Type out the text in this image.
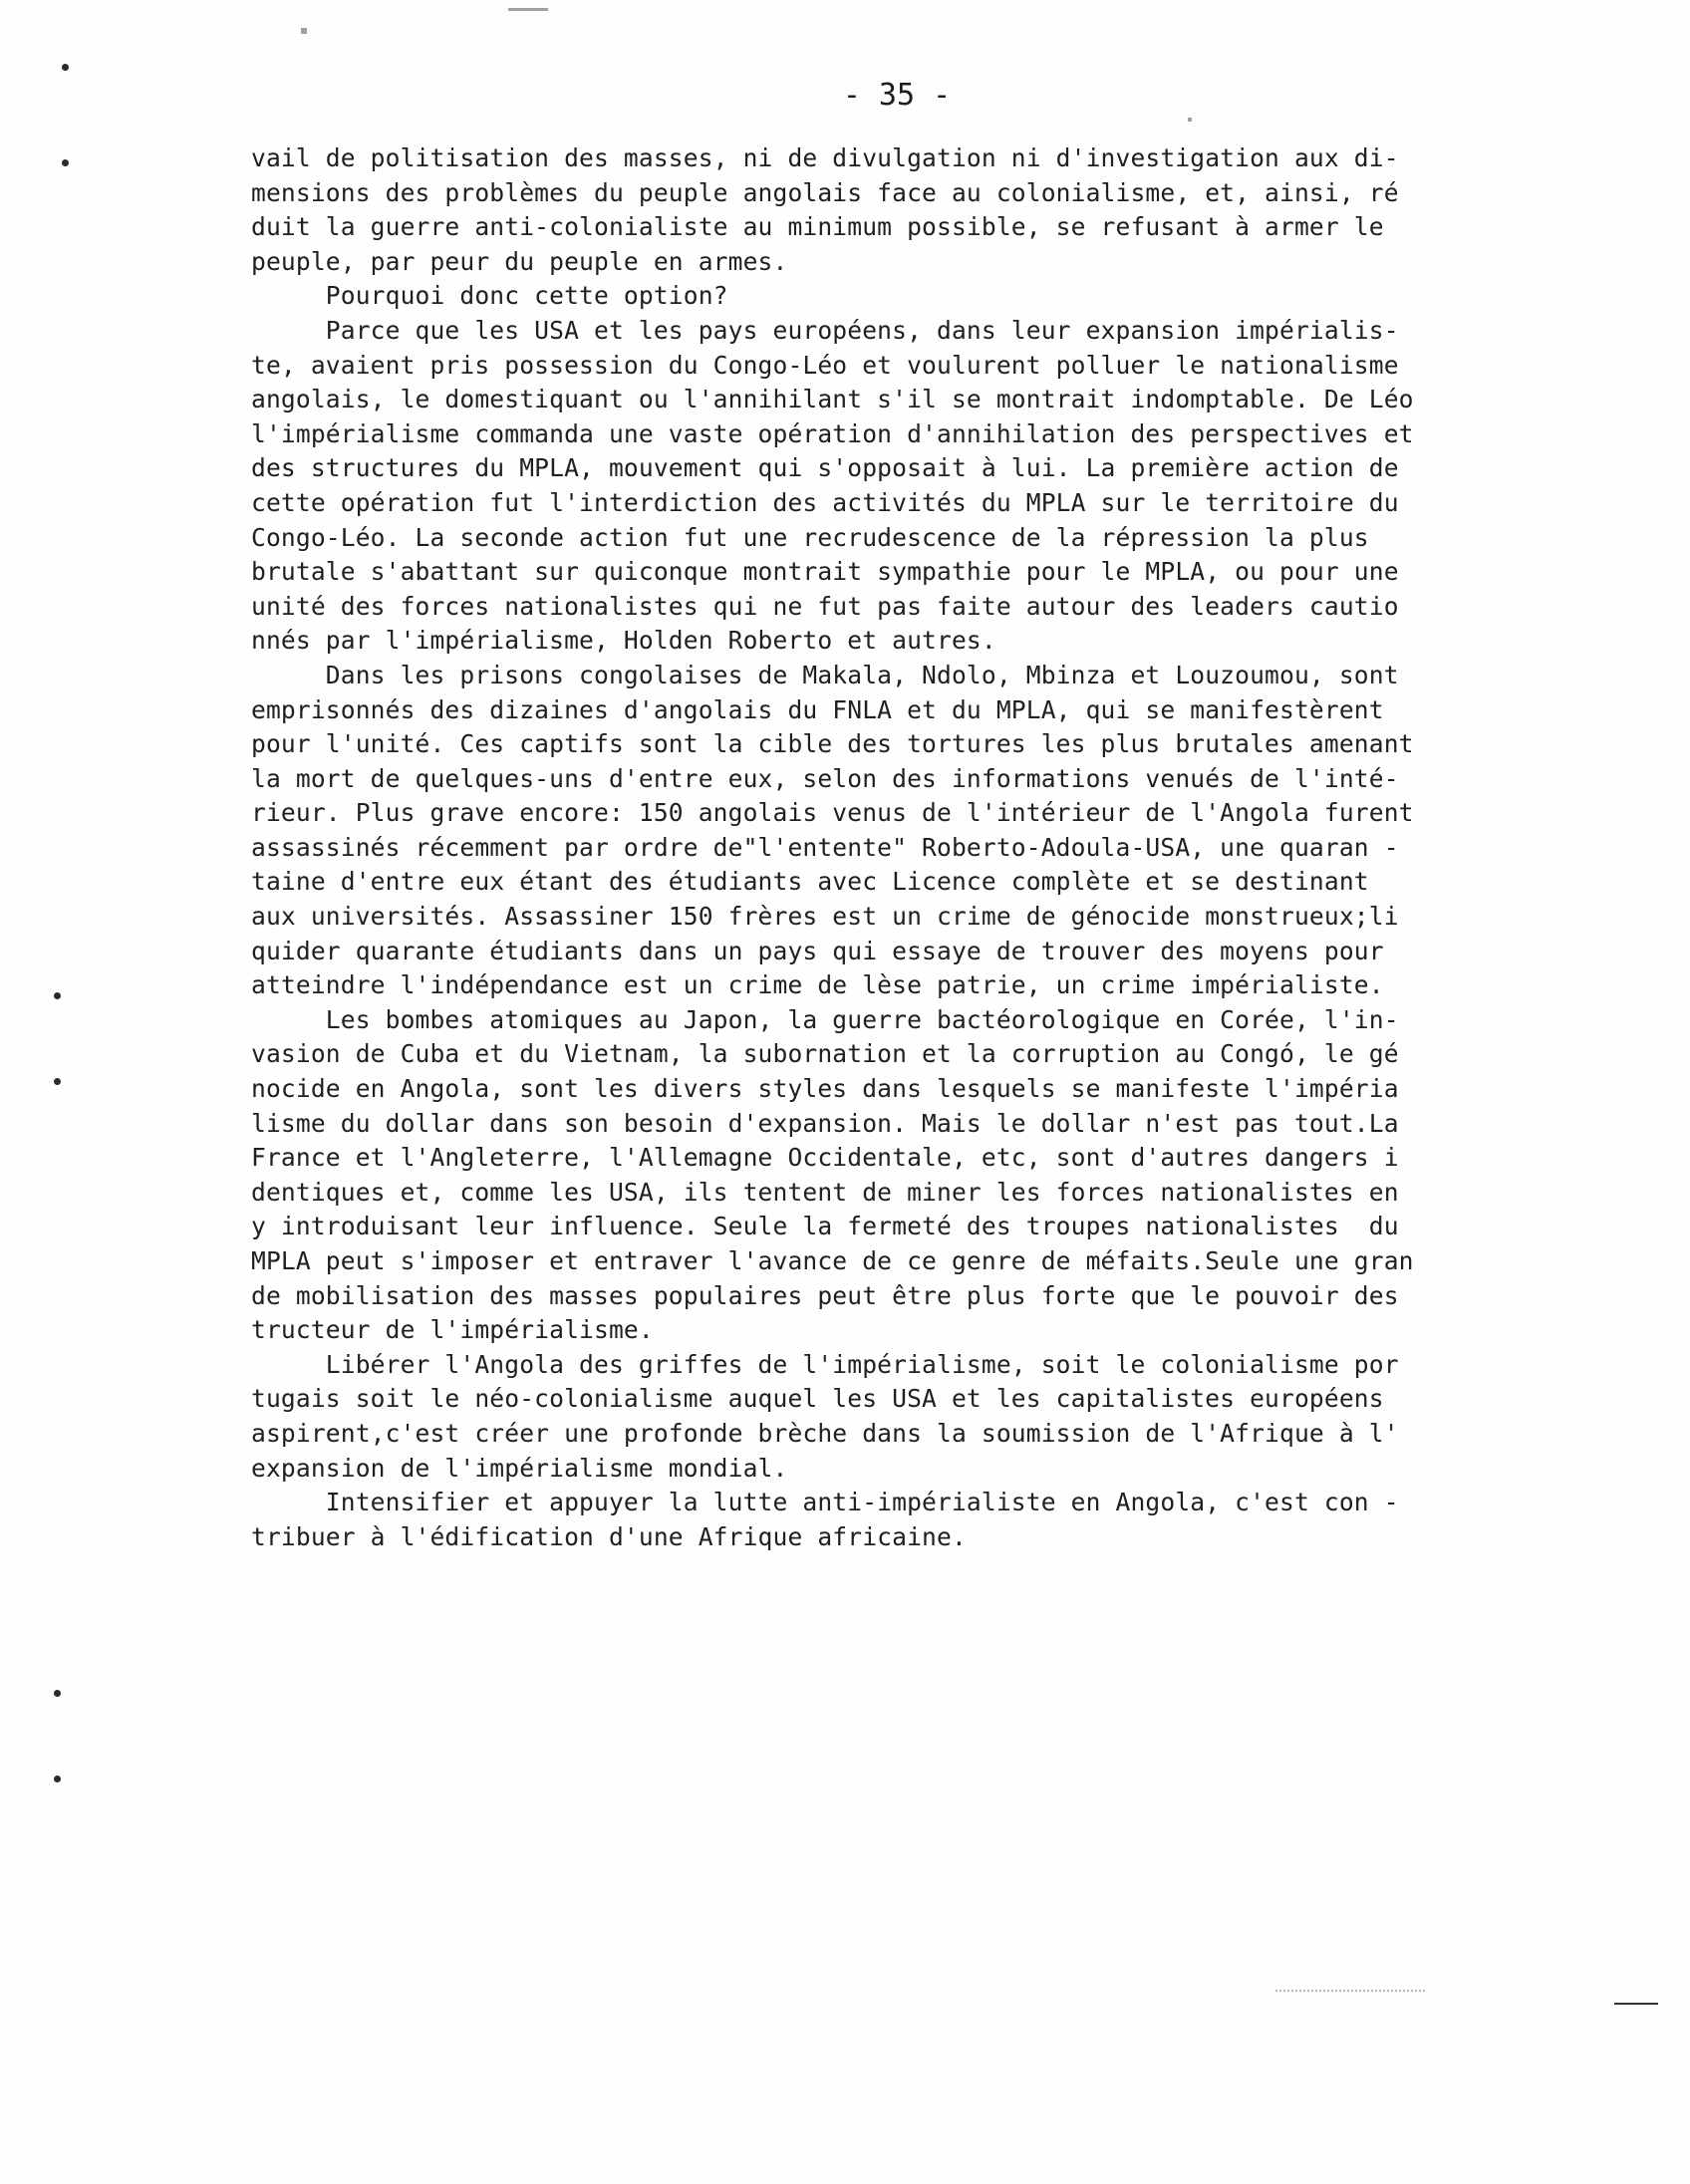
- 35 -
vail de politisation des masses, ni de divulgation ni d'investigation aux di-
mensions des problèmes du peuple angolais face au colonialisme, et, ainsi, ré
duit la guerre anti-colonialiste au minimum possible, se refusant à armer le
peuple, par peur du peuple en armes.
Pourquoi donc cette option?
Parce que les USA et les pays européens, dans leur expansion impérialis-
te, avaient pris possession du Congo-Léo et voulurent polluer le nationalisme
angolais, le domestiquant ou l'annihilant s'il se montrait indomptable. De Léo
l'impérialisme commanda une vaste opération d'annihilation des perspectives et
des structures du MPLA, mouvement qui s'opposait à lui. La première action de
cette opération fut l'interdiction des activités du MPLA sur le territoire du
Congo-Léo. La seconde action fut une recrudescence de la répression la plus
brutale s'abattant sur quiconque montrait sympathie pour le MPLA, ou pour une
unité des forces nationalistes qui ne fut pas faite autour des leaders cautio
nnés par l'impérialisme, Holden Roberto et autres.
Dans les prisons congolaises de Makala, Ndolo, Mbinza et Louzoumou, sont
emprisonnés des dizaines d'angolais du FNLA et du MPLA, qui se manifestèrent
pour l'unité. Ces captifs sont la cible des tortures les plus brutales amenant
la mort de quelques-uns d'entre eux, selon des informations venués de l'inté-
rieur. Plus grave encore: 150 angolais venus de l'intérieur de l'Angola furent
assassinés récemment par ordre de"l'entente" Roberto-Adoula-USA, une quaran -
taine d'entre eux étant des étudiants avec Licence complète et se destinant
aux universités. Assassiner 150 frères est un crime de génocide monstrueux;li
quider quarante étudiants dans un pays qui essaye de trouver des moyens pour
atteindre l'indépendance est un crime de lèse patrie, un crime impérialiste.
Les bombes atomiques au Japon, la guerre bactéorologique en Corée, l'in-
vasion de Cuba et du Vietnam, la subornation et la corruption au Congó, le gé
nocide en Angola, sont les divers styles dans lesquels se manifeste l'impéria
lisme du dollar dans son besoin d'expansion. Mais le dollar n'est pas tout.La
France et l'Angleterre, l'Allemagne Occidentale, etc, sont d'autres dangers i
dentiques et, comme les USA, ils tentent de miner les forces nationalistes en
y introduisant leur influence. Seule la fermeté des troupes nationalistes  du
MPLA peut s'imposer et entraver l'avance de ce genre de méfaits.Seule une gran
de mobilisation des masses populaires peut être plus forte que le pouvoir des
tructeur de l'impérialisme.
Libérer l'Angola des griffes de l'impérialisme, soit le colonialisme por
tugais soit le néo-colonialisme auquel les USA et les capitalistes européens
aspirent,c'est créer une profonde brèche dans la soumission de l'Afrique à l'
expansion de l'impérialisme mondial.
Intensifier et appuyer la lutte anti-impérialiste en Angola, c'est con -
tribuer à l'édification d'une Afrique africaine.
